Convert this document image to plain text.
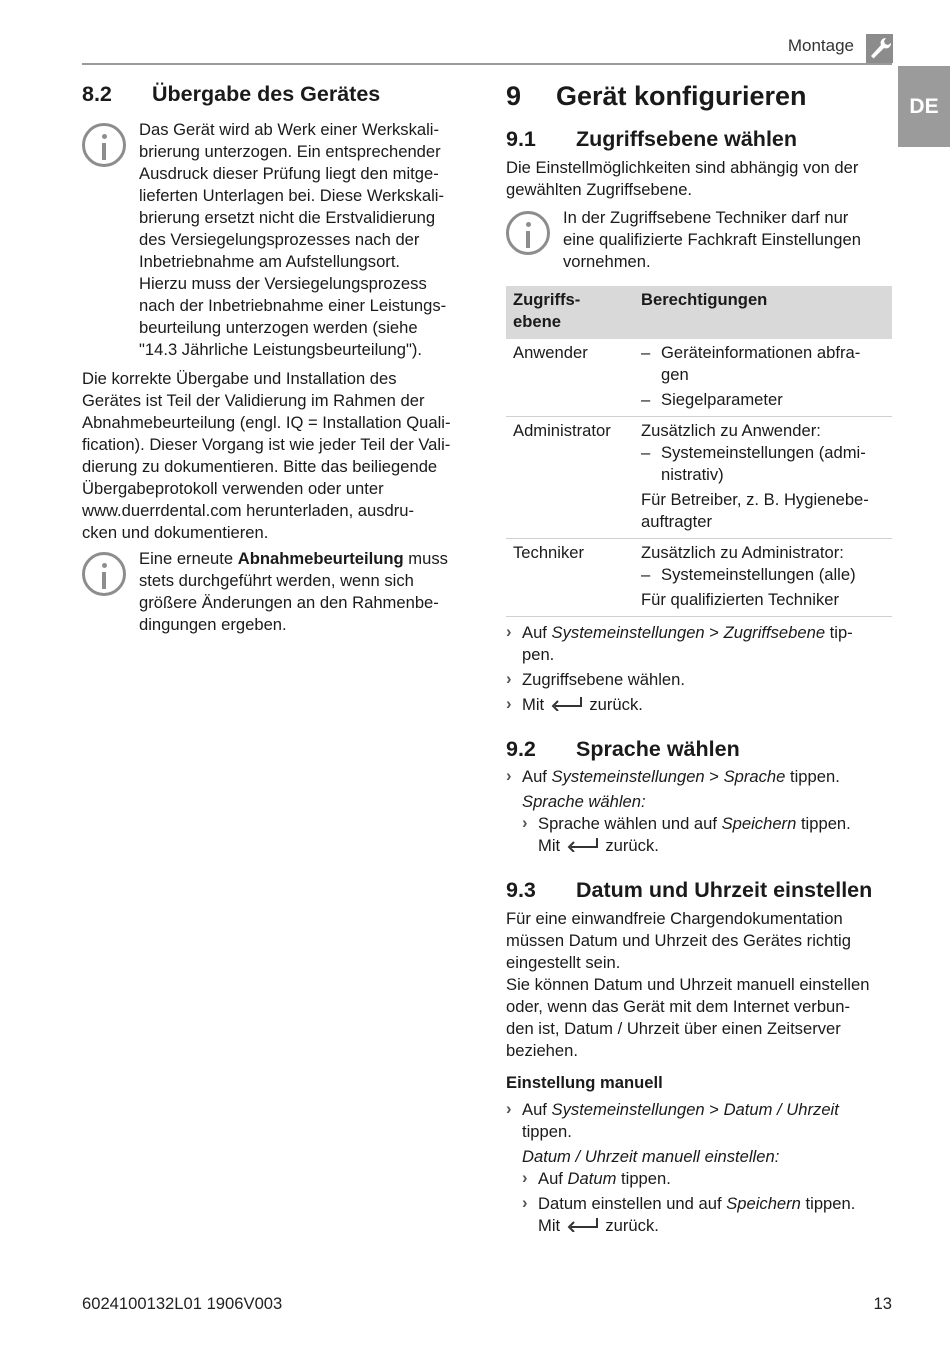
Montage
DE
8.2 Übergabe des Gerätes

Das Gerät wird ab Werk einer Werkskali-

brierung unterzogen. Ein entsprechender

Ausdruck dieser Prüfung liegt den mitge-

lieferten Unterlagen bei. Diese Werkskali-

brierung ersetzt nicht die Erstvalidierung

des Versiegelungsprozesses nach der

Inbetriebnahme am Aufstellungsort.

Hierzu muss der Versiegelungsprozess

nach der Inbetriebnahme einer Leistungs-

beurteilung unterzogen werden (siehe

"14.3 Jährliche Leistungsbeurteilung").

Die korrekte Übergabe und Installation des

Gerätes ist Teil der Validierung im Rahmen der

Abnahmebeurteilung (engl. IQ = Installation Quali-

fication). Dieser Vorgang ist wie jeder Teil der Vali-

dierung zu dokumentieren. Bitte das beiliegende

Übergabeprotokoll verwenden oder unter

www.duerrdental.com herunterladen, ausdru-

cken und dokumentieren.

Eine erneute Abnahmebeurteilung muss

stets durchgeführt werden, wenn sich

größere Änderungen an den Rahmenbe-

dingungen ergeben.

9 Gerät konfigurieren
9.1 Zugriffsebene wählen

Die Einstellmöglichkeiten sind abhängig von der

gewählten Zugriffsebene.

In der Zugriffsebene Techniker darf nur

eine qualifizierte Fachkraft Einstellungen

vornehmen.

Zugriffs-
ebene	Berechtigungen
Anwender	– Geräteinformationen abfra-
gen
– Siegelparameter

Administrator	Zusätzlich zu Anwender:
– Systemeinstellungen (admi-
nistrativ)
Für Betreiber, z. B. Hygienebe-
auftragter

Techniker	Zusätzlich zu Administrator:
– Systemeinstellungen (alle)
Für qualifizierten Techniker
› Auf Systemeinstellungen > Zugriffsebene tip-
pen.
› Zugriffsebene wählen.
› Mit	zurück.
9.2 Sprache wählen
› Auf Systemeinstellungen > Sprache tippen.

Sprache wählen:

› Sprache wählen und auf Speichern tippen.
Mit	zurück.
9.3 Datum und Uhrzeit einstellen

Für eine einwandfreie Chargendokumentation

müssen Datum und Uhrzeit des Gerätes richtig

eingestellt sein.

Sie können Datum und Uhrzeit manuell einstellen

oder, wenn das Gerät mit dem Internet verbun-

den ist, Datum / Uhrzeit über einen Zeitserver

beziehen.

Einstellung manuell
› Auf Systemeinstellungen > Datum / Uhrzeit
tippen.

Datum / Uhrzeit manuell einstellen:

› Auf Datum tippen.
› Datum einstellen und auf Speichern tippen.
Mit	zurück.
6024100132L01 1906V003	13
